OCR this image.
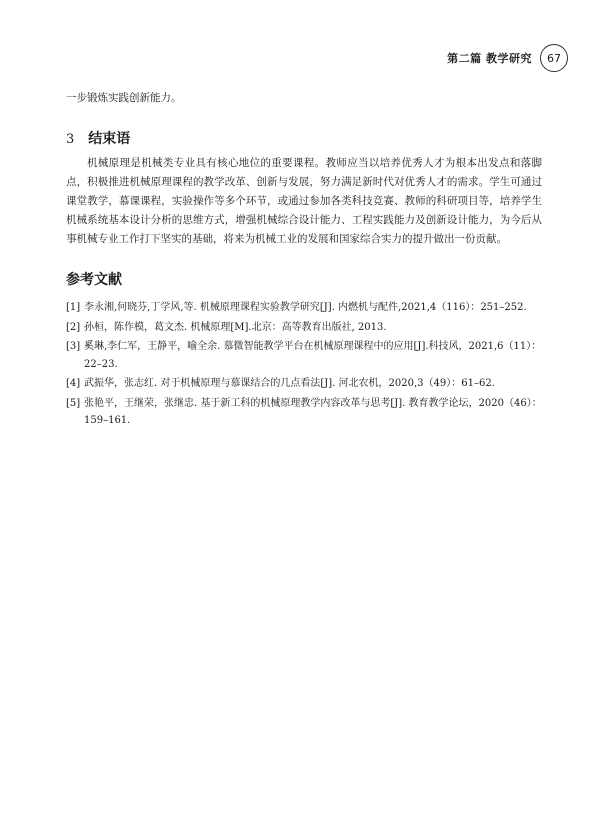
第二篇 教学研究	67

一步锻炼实践创新能力。

3 结束语

机械原理是机械类专业具有核心地位的重要课程。教师应当以培养优秀人才为根本出发点和落脚点，积极推进机械原理课程的教学改革、创新与发展，努力满足新时代对优秀人才的需求。学生可通过课堂教学，慕课课程，实验操作等多个环节，或通过参加各类科技竞赛、教师的科研项目等，培养学生机械系统基本设计分析的思维方式，增强机械综合设计能力、工程实践能力及创新设计能力，为今后从事机械专业工作打下坚实的基础，将来为机械工业的发展和国家综合实力的提升做出一份贡献。

参考文献
[1] 李永湘,何晓芬,丁学风,等. 机械原理课程实验教学研究[J]. 内燃机与配件,2021,4（116）：251–252.
[2] 孙桓，陈作模，葛文杰. 机械原理[M].北京：高等教育出版社, 2013.
[3] 奚琳,李仁军，王静平，喻全余. 慕微智能教学平台在机械原理课程中的应用[J].科技风，2021,6（11）：22–23.
[4] 武振华，张志红. 对于机械原理与慕课结合的几点看法[J]. 河北农机，2020,3（49）：61–62.
[5] 张艳平，王继荣，张继忠. 基于新工科的机械原理教学内容改革与思考[J]. 教育教学论坛，2020（46）：159–161.
